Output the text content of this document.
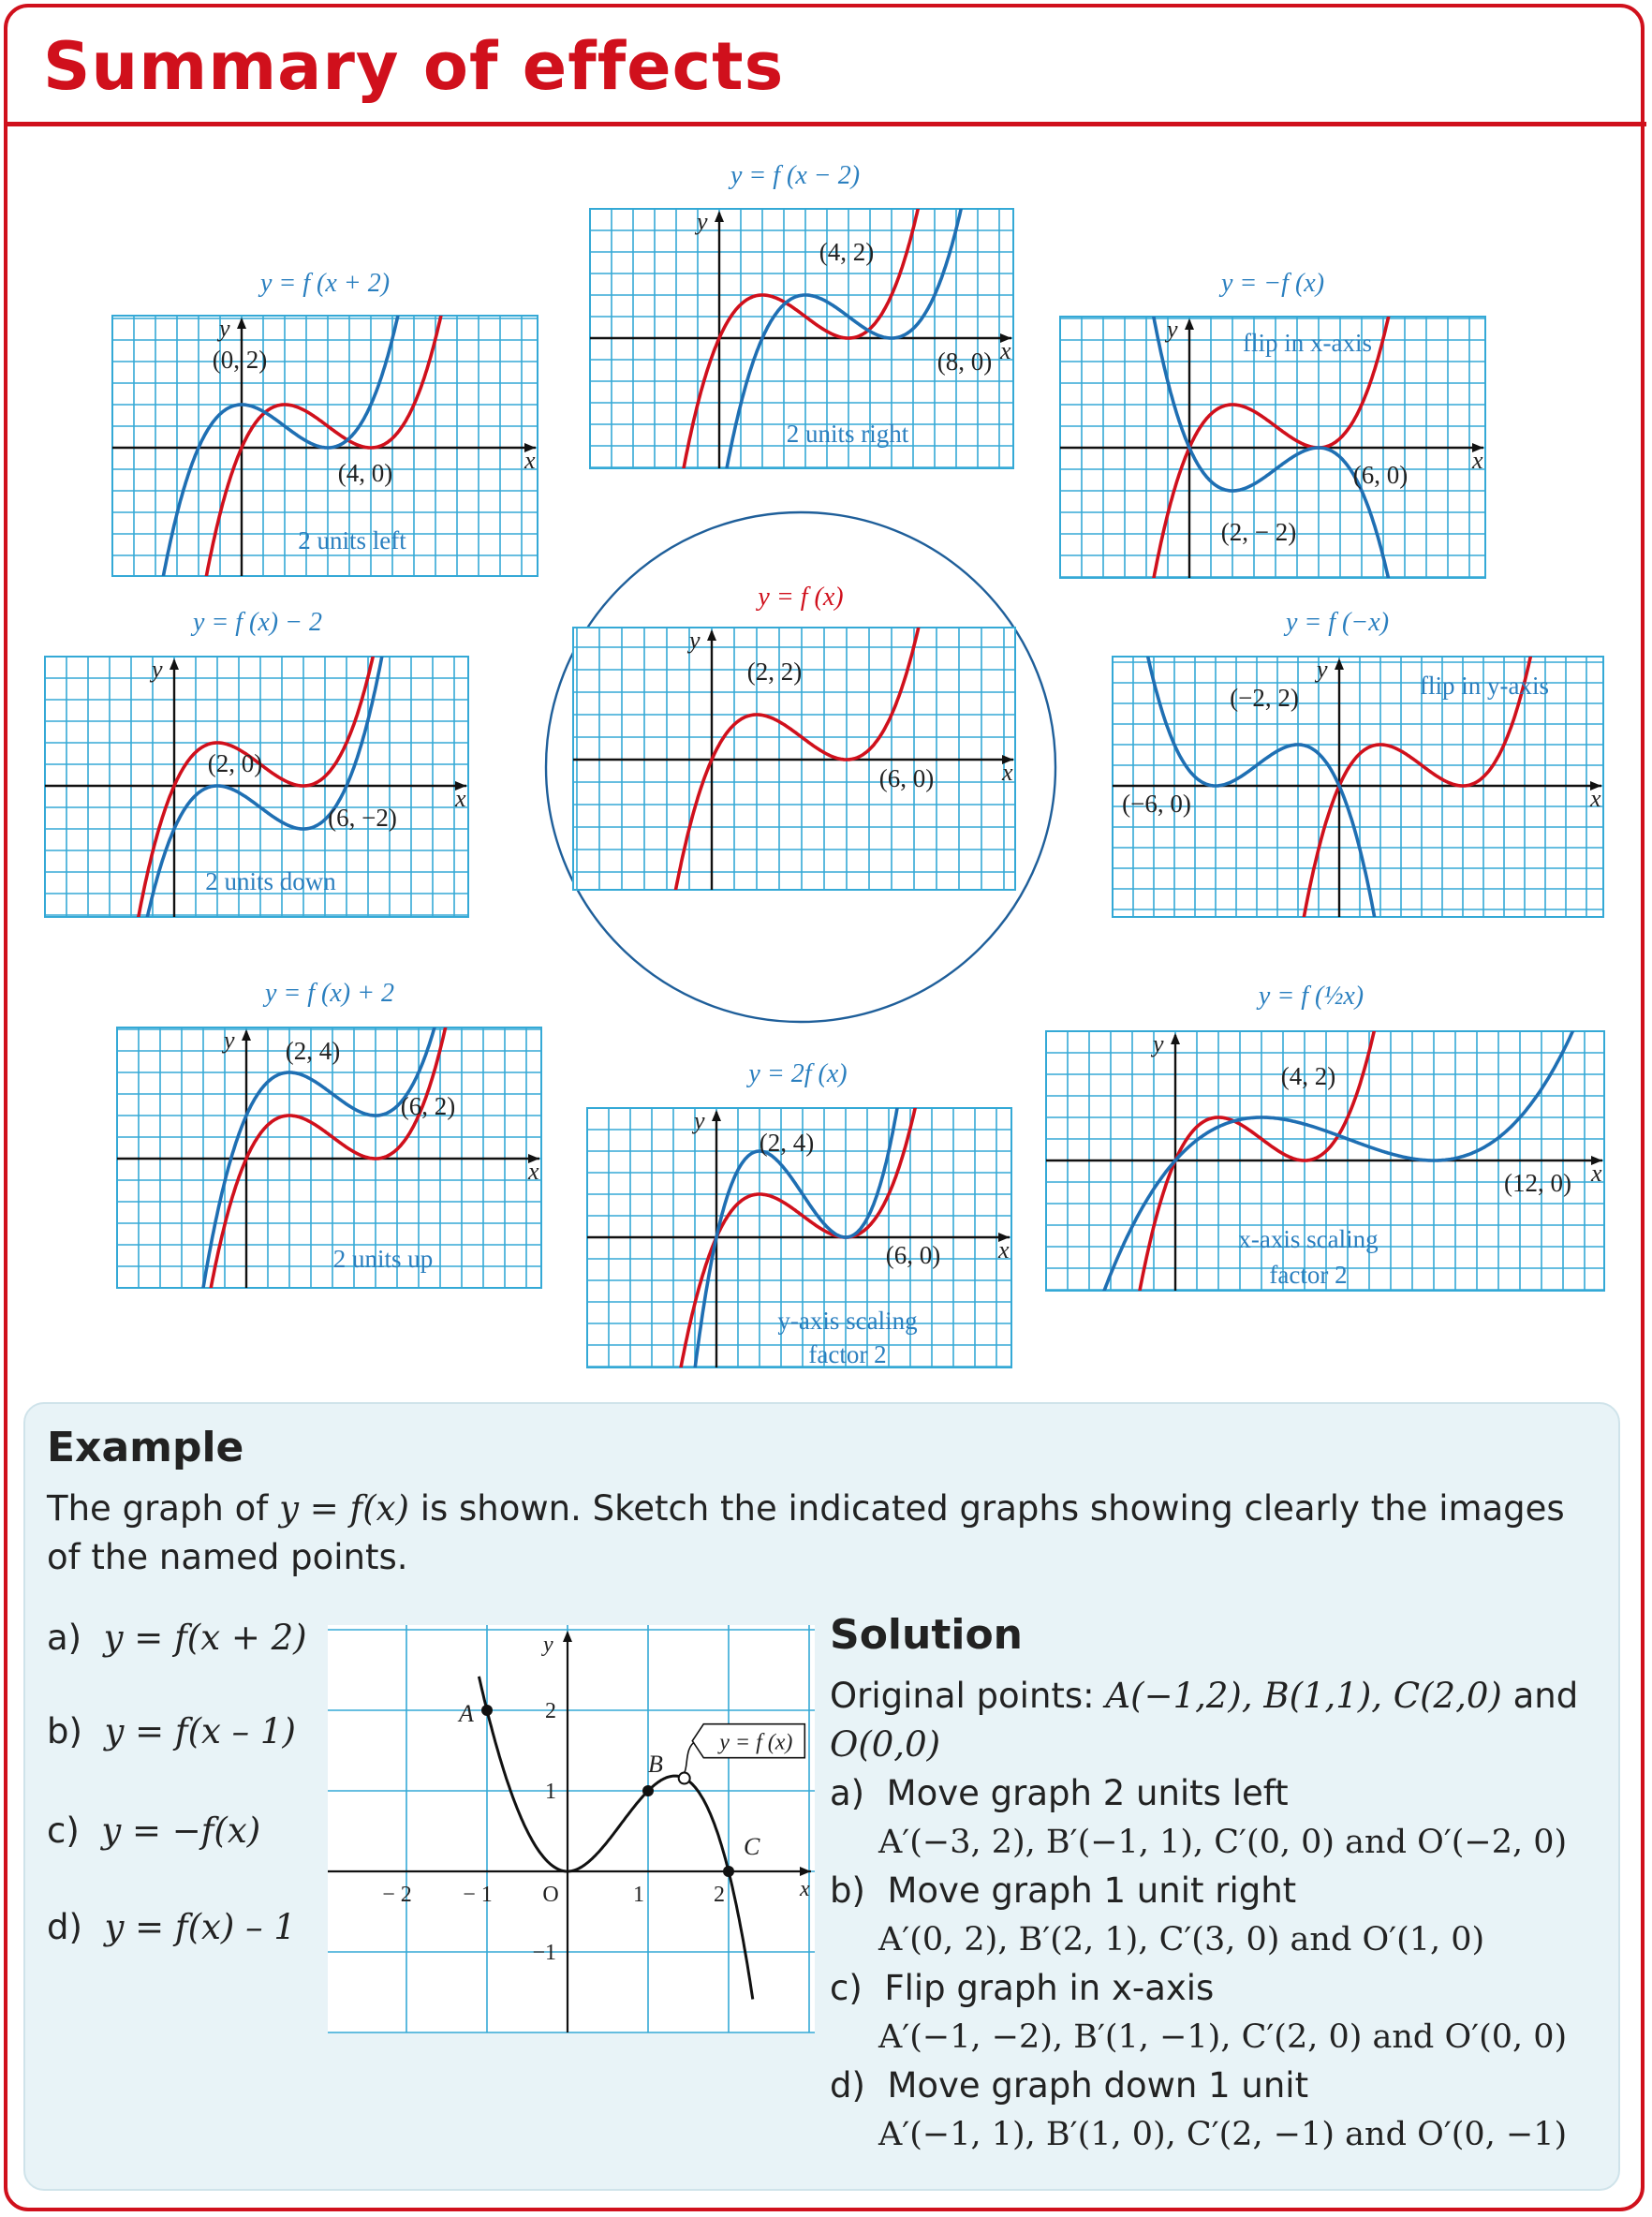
Summary of effects
x
y
y = f (x)
(2, 2)
(6, 0)
x
y
y = f (x + 2)
(0, 2)
(4, 0)
2 units left
x
y
y = f (x − 2)
(4, 2)
(8, 0)
2 units right
x
y
y = −f (x)
(6, 0)
(2, − 2)
flip in x-axis
x
y
y = f (x) − 2
(2, 0)
(6, −2)
2 units down
x
y
y = f (−x)
(−2, 2)
(−6, 0)
flip in y-axis
x
y
y = f (x) + 2
(2, 4)
(6, 2)
2 units up	x
y
y = 2f (x)
(2, 4)
(6, 0)
y-axis scaling
factor 2
x
y
y = f (½x)
(4, 2)
(12, 0)
x-axis scaling
factor 2
Example
The graph of y = f(x) is shown. Sketch the indicated graphs showing clearly the images of the named points.
a) y = f(x + 2)
b) y = f(x – 1)
c) y = −f(x)
d) y = f(x) – 1
x
y
− 2 − 1 O	1	2
2
1
−1
A
B
C
y = f (x)
Solution
Original points: A(−1,2), B(1,1), C(2,0) and
O(0,0)
a) Move graph 2 units left
A′(−3, 2), B′(−1, 1), C′(0, 0) and O′(−2, 0)
b) Move graph 1 unit right
A′(0, 2), B′(2, 1), C′(3, 0) and O′(1, 0)
c) Flip graph in x-axis
A′(−1, −2), B′(1, −1), C′(2, 0) and O′(0, 0)
d) Move graph down 1 unit
A′(−1, 1), B′(1, 0), C′(2, −1) and O′(0, −1)
